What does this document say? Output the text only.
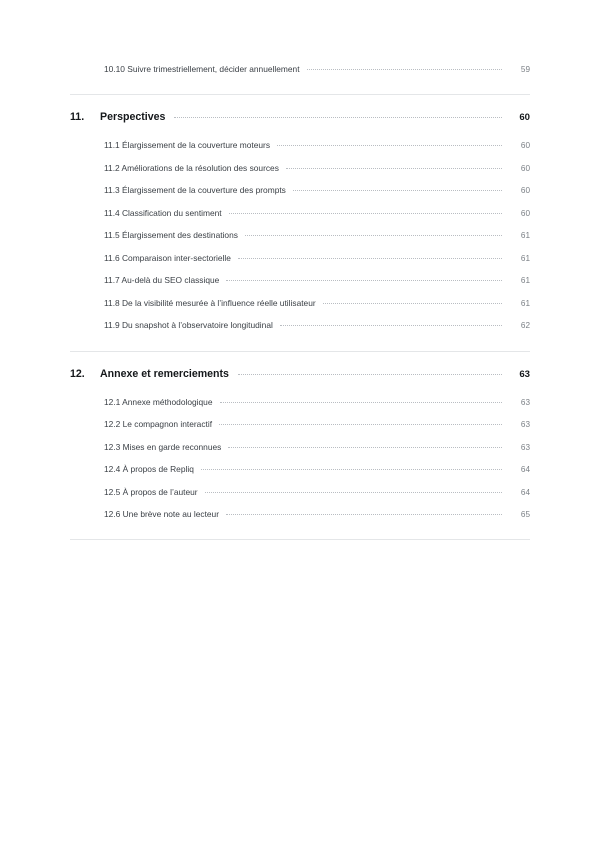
10.10 Suivre trimestriellement, décider annuellement	59
11.	Perspectives	60
11.1 Élargissement de la couverture moteurs	60
11.2 Améliorations de la résolution des sources	60
11.3 Élargissement de la couverture des prompts	60
11.4 Classification du sentiment	60
11.5 Élargissement des destinations	61
11.6 Comparaison inter-sectorielle	61
11.7 Au-delà du SEO classique	61
11.8 De la visibilité mesurée à l’influence réelle utilisateur	61
11.9 Du snapshot à l’observatoire longitudinal	62
12.	Annexe et remerciements	63
12.1 Annexe méthodologique	63
12.2 Le compagnon interactif	63
12.3 Mises en garde reconnues	63
12.4 À propos de Repliq	64
12.5 À propos de l’auteur	64
12.6 Une brève note au lecteur	65
